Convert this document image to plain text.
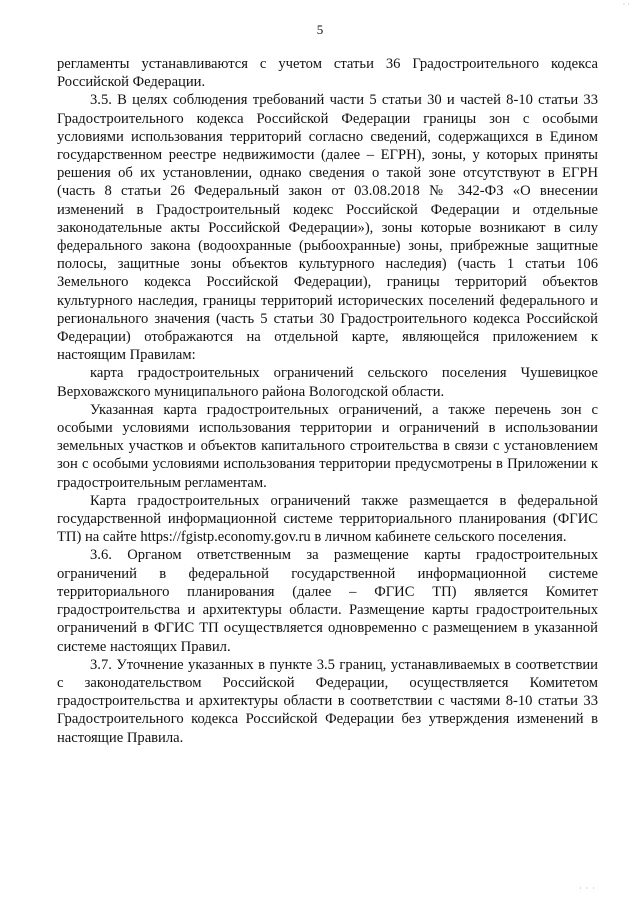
· ·
5

регламенты устанавливаются с учетом статьи 36 Градостроительного кодекса Российской Федерации.

3.5. В целях соблюдения требований части 5 статьи 30 и частей 8-10 статьи 33 Градостроительного кодекса Российской Федерации границы зон с особыми условиями использования территорий согласно сведений, содержащихся в Едином государственном реестре недвижимости (далее – ЕГРН), зоны, у которых приняты решения об их установлении, однако сведения о такой зоне отсутствуют в ЕГРН (часть 8 статьи 26 Федеральный закон от 03.08.2018 № 342-ФЗ «О внесении изменений в Градостроительный кодекс Российской Федерации и отдельные законодательные акты Российской Федерации»), зоны которые возникают в силу федерального закона (водоохранные (рыбоохранные) зоны, прибрежные защитные полосы, защитные зоны объектов культурного наследия) (часть 1 статьи 106 Земельного кодекса Российской Федерации), границы территорий объектов культурного наследия, границы территорий исторических поселений федерального и регионального значения (часть 5 статьи 30 Градостроительного кодекса Российской Федерации) отображаются на отдельной карте, являющейся приложением к настоящим Правилам:

карта градостроительных ограничений сельского поселения Чушевицкое Верховажского муниципального района Вологодской области.

Указанная карта градостроительных ограничений, а также перечень зон с особыми условиями использования территории и ограничений в использовании земельных участков и объектов капитального строительства в связи с установлением зон с особыми условиями использования территории предусмотрены в Приложении к градостроительным регламентам.

Карта градостроительных ограничений также размещается в федеральной государственной информационной системе территориального планирования (ФГИС ТП) на сайте https://fgistp.economy.gov.ru в личном кабинете сельского поселения.

3.6. Органом ответственным за размещение карты градостроительных ограничений в федеральной государственной информационной системе территориального планирования (далее – ФГИС ТП) является Комитет градостроительства и архитектуры области. Размещение карты градостроительных ограничений в ФГИС ТП осуществляется одновременно с размещением в указанной системе настоящих Правил.

3.7. Уточнение указанных в пункте 3.5 границ, устанавливаемых в соответствии с законодательством Российской Федерации, осуществляется Комитетом градостроительства и архитектуры области в соответствии с частями 8-10 статьи 33 Градостроительного кодекса Российской Федерации без утверждения изменений в настоящие Правила.

· · ·
